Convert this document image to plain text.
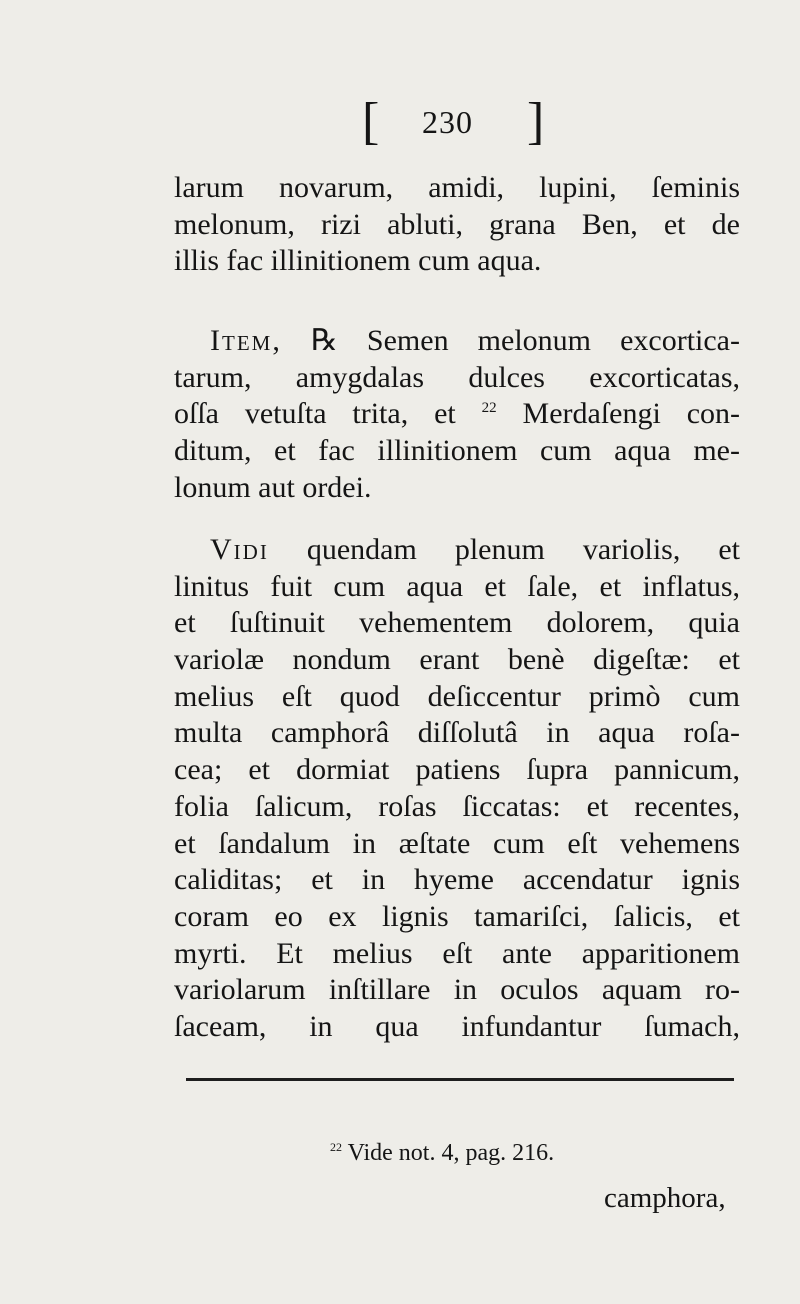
[ 230 ]

larum novarum, amidi, lupini, ſeminis
melonum, rizi abluti, grana Ben, et de
illis fac illinitionem cum aqua.

Item, ℞ Semen melonum excortica-
tarum, amygdalas dulces excorticatas,
oſſa vetuſta trita, et $^{22}$ Merdaſengi con-
ditum, et fac illinitionem cum aqua me-
lonum aut ordei.

Vidi quendam plenum variolis, et
linitus fuit cum aqua et ſale, et inflatus,
et ſuſtinuit vehementem dolorem, quia
variolæ nondum erant benè digeſtæ: et
melius eſt quod deſiccentur primò cum
multa camphorâ diſſolutâ in aqua roſa-
cea; et dormiat patiens ſupra pannicum,
folia ſalicum, roſas ſiccatas: et recentes,
et ſandalum in æſtate cum eſt vehemens
caliditas; et in hyeme accendatur ignis
coram eo ex lignis tamariſci, ſalicis, et
myrti. Et melius eſt ante apparitionem
variolarum inſtillare in oculos aquam ro-
ſaceam, in qua infundantur ſumach,

$^{22}$ Vide not. 4, pag. 216.
camphora,
